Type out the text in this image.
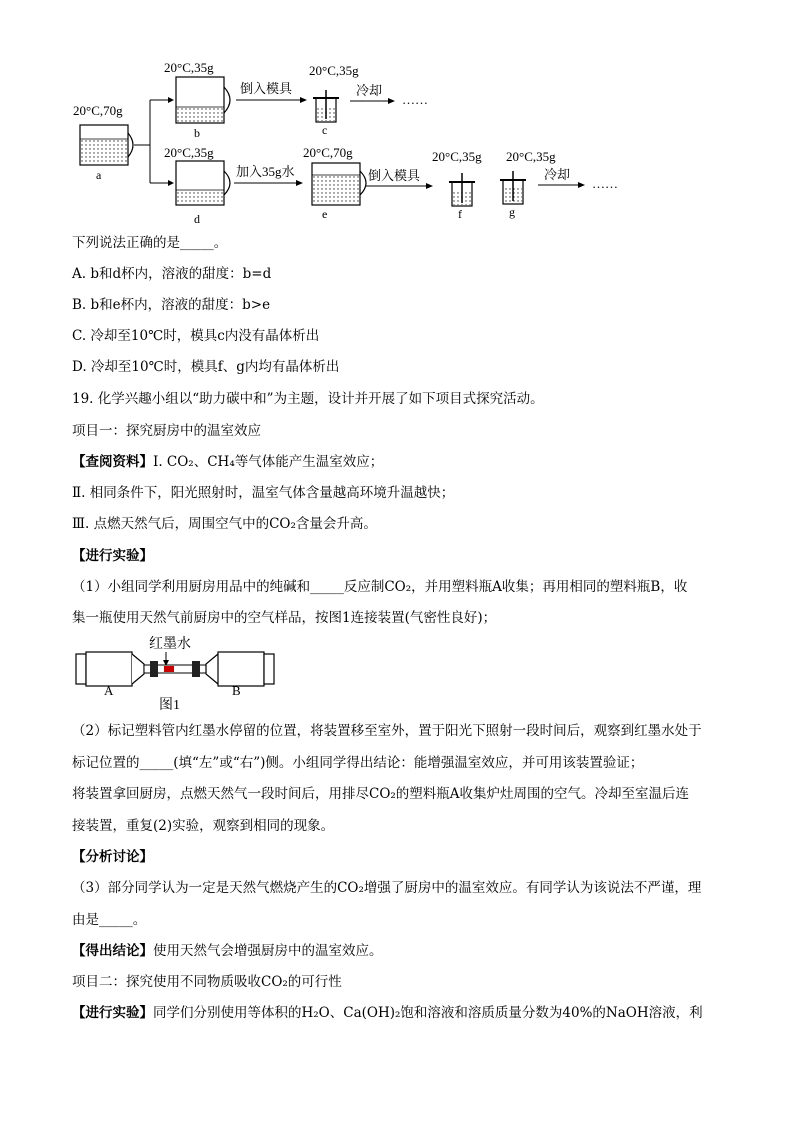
20°C,70g
a
20°C,35g
b
倒入模具
20°C,35g
c
冷却
……
20°C,35g
d
加入35g水
20°C,70g
e
倒入模具
20°C,35g
f
20°C,35g
g
冷却
……
下列说法正确的是_____。
A. b和d杯内，溶液的甜度：b=d
B. b和e杯内，溶液的甜度：b>e
C. 冷却至10℃时，模具c内没有晶体析出
D. 冷却至10℃时，模具f、g内均有晶体析出
19. 化学兴趣小组以“助力碳中和”为主题，设计并开展了如下项目式探究活动。
项目一：探究厨房中的温室效应
【查阅资料】Ⅰ. CO₂、CH₄等气体能产生温室效应；
Ⅱ. 相同条件下，阳光照射时，温室气体含量越高环境升温越快；
Ⅲ. 点燃天然气后，周围空气中的CO₂含量会升高。
【进行实验】
（1）小组同学利用厨房用品中的纯碱和_____反应制CO₂，并用塑料瓶A收集；再用相同的塑料瓶B，收
集一瓶使用天然气前厨房中的空气样品，按图1连接装置(气密性良好)；
红墨水
A	B
图1
（2）标记塑料管内红墨水停留的位置，将装置移至室外，置于阳光下照射一段时间后，观察到红墨水处于
标记位置的_____(填“左”或“右”)侧。小组同学得出结论：能增强温室效应，并可用该装置验证；
将装置拿回厨房，点燃天然气一段时间后，用排尽CO₂的塑料瓶A收集炉灶周围的空气。冷却至室温后连
接装置，重复(2)实验，观察到相同的现象。
【分析讨论】
（3）部分同学认为一定是天然气燃烧产生的CO₂增强了厨房中的温室效应。有同学认为该说法不严谨，理
由是_____。
【得出结论】使用天然气会增强厨房中的温室效应。
项目二：探究使用不同物质吸收CO₂的可行性
【进行实验】同学们分别使用等体积的H₂O、Ca(OH)₂饱和溶液和溶质质量分数为40%的NaOH溶液，利
